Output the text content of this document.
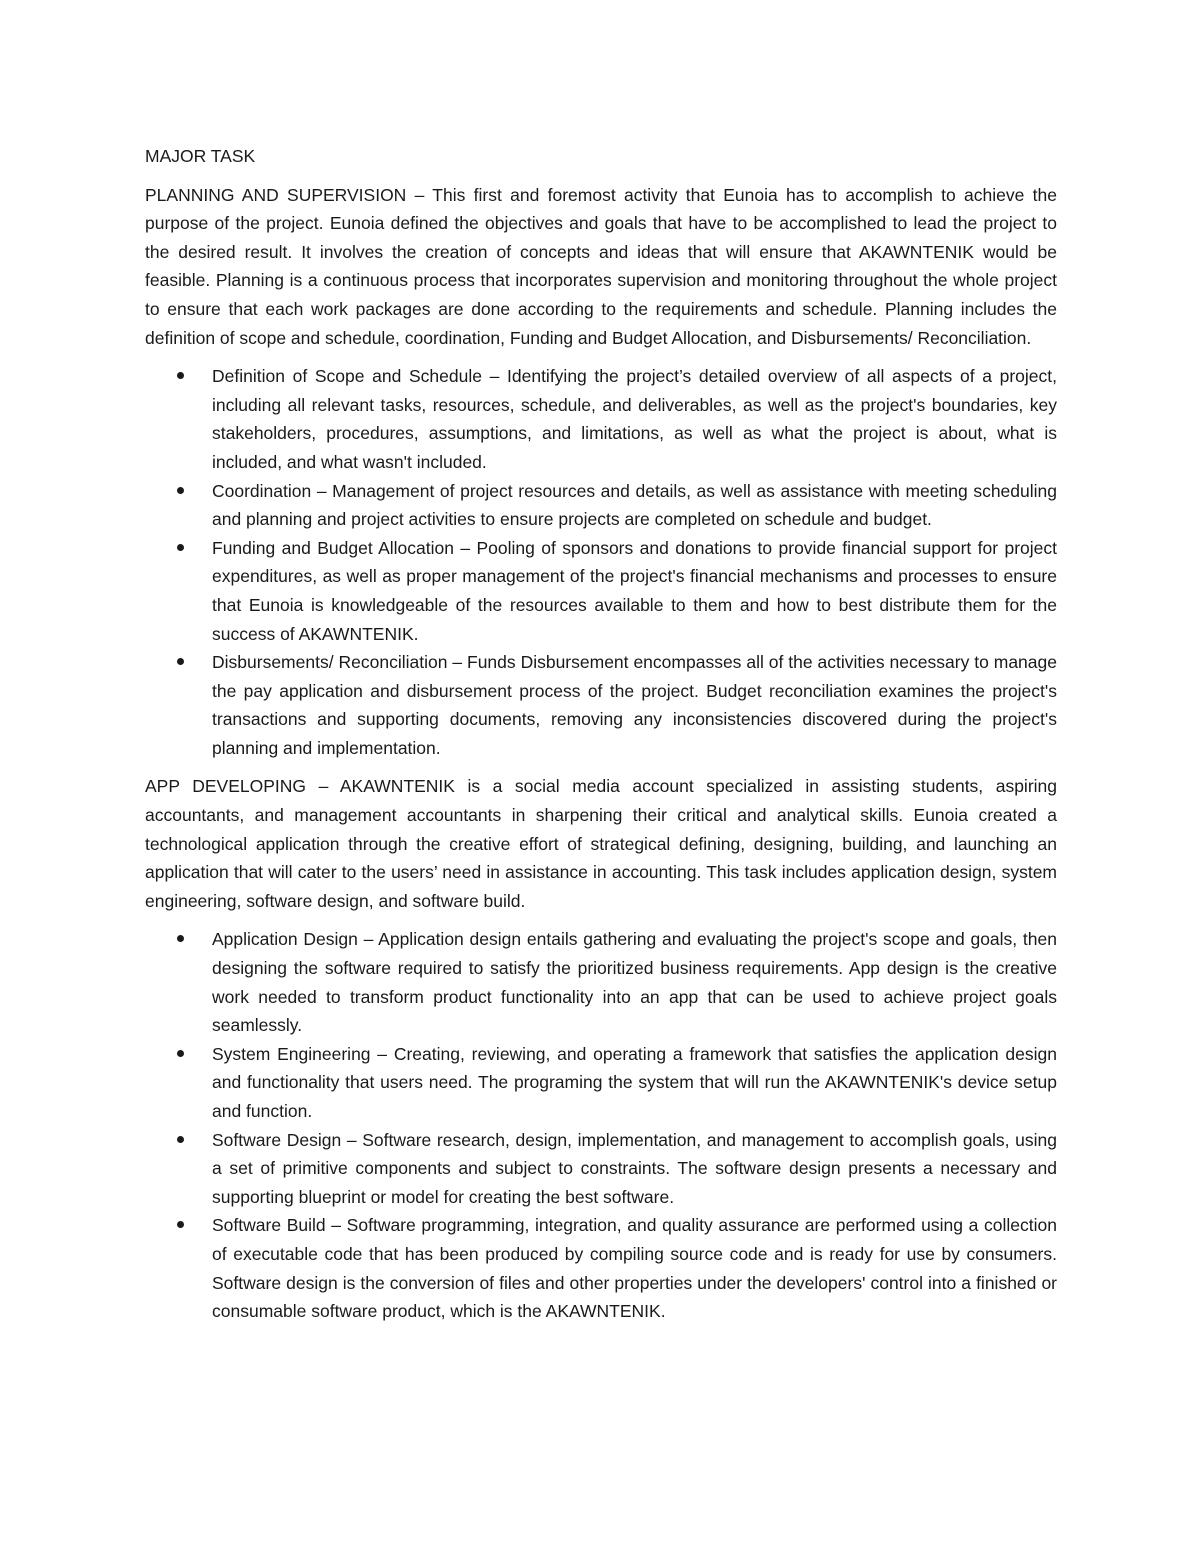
MAJOR TASK

PLANNING AND SUPERVISION – This first and foremost activity that Eunoia has to accomplish to achieve the purpose of the project. Eunoia defined the objectives and goals that have to be accomplished to lead the project to the desired result. It involves the creation of concepts and ideas that will ensure that AKAWNTENIK would be feasible. Planning is a continuous process that incorporates supervision and monitoring throughout the whole project to ensure that each work packages are done according to the requirements and schedule. Planning includes the definition of scope and schedule, coordination, Funding and Budget Allocation, and Disbursements/ Reconciliation.

Definition of Scope and Schedule – Identifying the project’s detailed overview of all aspects of a project, including all relevant tasks, resources, schedule, and deliverables, as well as the project's boundaries, key stakeholders, procedures, assumptions, and limitations, as well as what the project is about, what is included, and what wasn't included.
Coordination – Management of project resources and details, as well as assistance with meeting scheduling and planning and project activities to ensure projects are completed on schedule and budget.
Funding and Budget Allocation – Pooling of sponsors and donations to provide financial support for project expenditures, as well as proper management of the project's financial mechanisms and processes to ensure that Eunoia is knowledgeable of the resources available to them and how to best distribute them for the success of AKAWNTENIK.
Disbursements/ Reconciliation – Funds Disbursement encompasses all of the activities necessary to manage the pay application and disbursement process of the project. Budget reconciliation examines the project's transactions and supporting documents, removing any inconsistencies discovered during the project's planning and implementation.

APP DEVELOPING – AKAWNTENIK is a social media account specialized in assisting students, aspiring accountants, and management accountants in sharpening their critical and analytical skills. Eunoia created a technological application through the creative effort of strategical defining, designing, building, and launching an application that will cater to the users’ need in assistance in accounting. This task includes application design, system engineering, software design, and software build.

Application Design – Application design entails gathering and evaluating the project's scope and goals, then designing the software required to satisfy the prioritized business requirements. App design is the creative work needed to transform product functionality into an app that can be used to achieve project goals seamlessly.
System Engineering – Creating, reviewing, and operating a framework that satisfies the application design and functionality that users need. The programing the system that will run the AKAWNTENIK's device setup and function.
Software Design – Software research, design, implementation, and management to accomplish goals, using a set of primitive components and subject to constraints. The software design presents a necessary and supporting blueprint or model for creating the best software.
Software Build – Software programming, integration, and quality assurance are performed using a collection of executable code that has been produced by compiling source code and is ready for use by consumers. Software design is the conversion of files and other properties under the developers' control into a finished or consumable software product, which is the AKAWNTENIK.
